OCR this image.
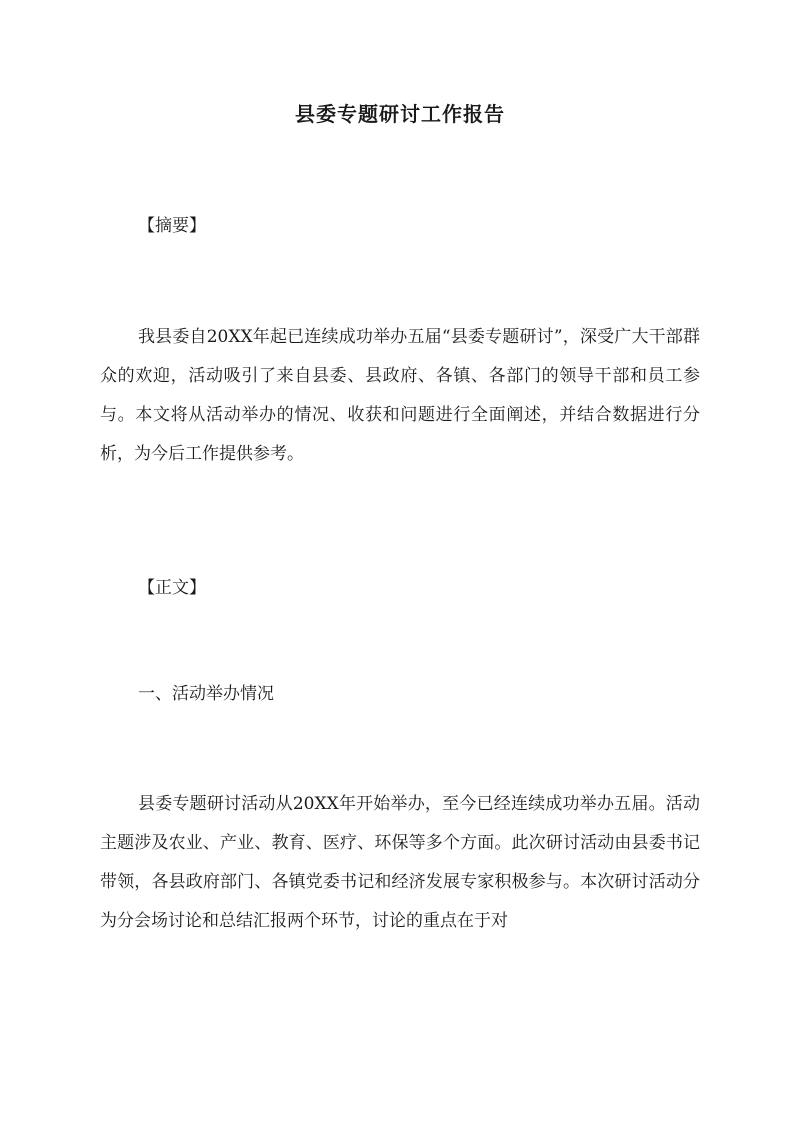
县委专题研讨工作报告

【摘要】

我县委自20XX年起已连续成功举办五届“县委专题研讨”，深受广大干部群众的欢迎，活动吸引了来自县委、县政府、各镇、各部门的领导干部和员工参与。本文将从活动举办的情况、收获和问题进行全面阐述，并结合数据进行分析，为今后工作提供参考。

【正文】

一、活动举办情况

县委专题研讨活动从20XX年开始举办，至今已经连续成功举办五届。活动主题涉及农业、产业、教育、医疗、环保等多个方面。此次研讨活动由县委书记带领，各县政府部门、各镇党委书记和经济发展专家积极参与。本次研讨活动分为分会场讨论和总结汇报两个环节，讨论的重点在于对
